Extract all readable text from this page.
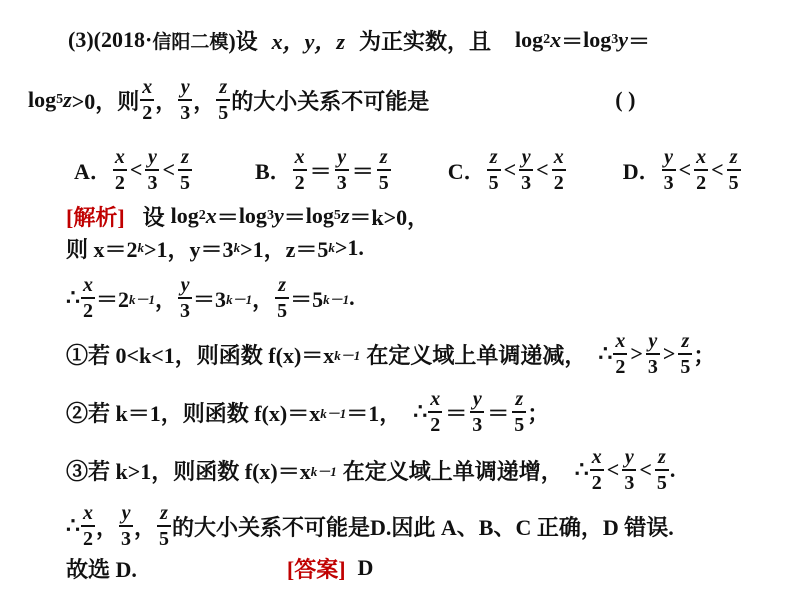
(3)(2018· 信阳二模 )设 x，y，z 为正实数，且 log 2 x ＝ log 3 y ＝
log 5 z >0，则 $\frac{x}{2}$ ， $\frac{y}{3}$ ， $\frac{z}{5}$ 的大小关系不可能是	( )
A． $\frac{x}{2} < \frac{y}{3} < \frac{z}{5}$	B． $\frac{x}{2} = \frac{y}{3} = \frac{z}{5}$	C． $\frac{z}{5} < \frac{y}{3} < \frac{x}{2}$	D． $\frac{y}{3} < \frac{x}{2} < \frac{z}{5}$
[解析] 设 log 2 x ＝ log 3 y ＝ log 5 z ＝k>0，
则 x＝2 k >1，y＝3 k >1，z＝5 k >1.
∴ $\frac{x}{2} =2$ k－1 ， $\frac{y}{3} =3$ k－1 ， $\frac{z}{5} =5$ k－1 .
①若 0<k<1，则函数 f(x)＝x k－1 在定义域上单调递减， ∴ $\frac{x}{2} > \frac{y}{3} > \frac{z}{5}$ ；
②若 k＝1，则函数 f(x)＝x k－1 ＝1， ∴ $\frac{x}{2} = \frac{y}{3} = \frac{z}{5}$ ；
③若 k>1，则函数 f(x)＝x k－1 在定义域上单调递增， ∴ $\frac{x}{2} < \frac{y}{3} < \frac{z}{5}$ .
∴ $\frac{x}{2}$ ， $\frac{y}{3}$ ， $\frac{z}{5}$ 的大小关系不可能是D.因此 A、B、C 正确，D 错误.
故选 D.	[答案] D
